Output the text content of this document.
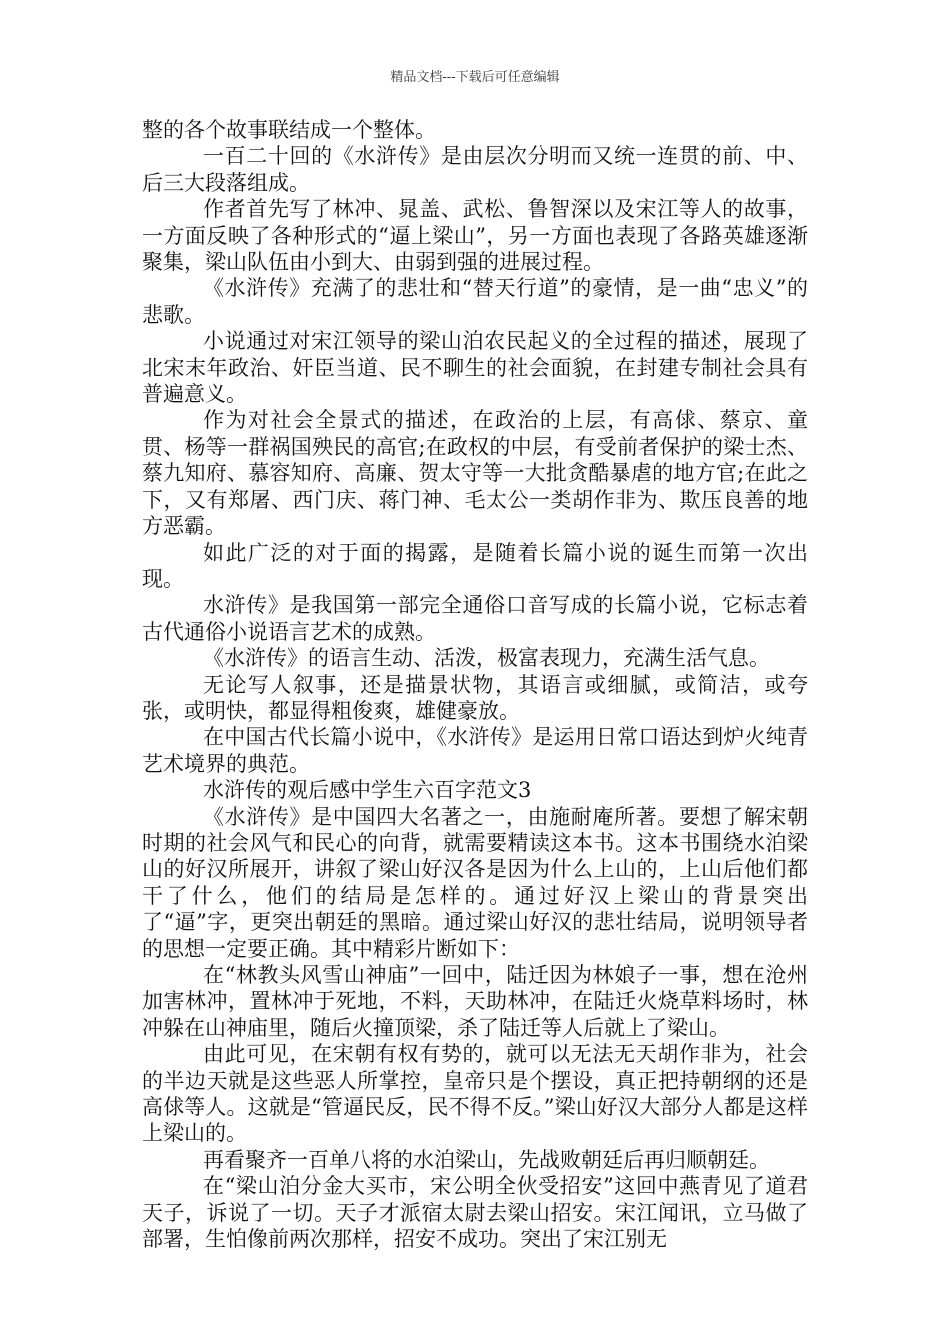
精品文档---下载后可任意编辑

整的各个故事联结成一个整体。

一百二十回的《水浒传》是由层次分明而又统一连贯的前、中、后三大段落组成。

作者首先写了林冲、晁盖、武松、鲁智深以及宋江等人的故事，一方面反映了各种形式的“逼上梁山”，另一方面也表现了各路英雄逐渐聚集，梁山队伍由小到大、由弱到强的进展过程。

《水浒传》充满了的悲壮和“替天行道”的豪情，是一曲“忠义”的悲歌。

小说通过对宋江领导的梁山泊农民起义的全过程的描述，展现了北宋末年政治、奸臣当道、民不聊生的社会面貌，在封建专制社会具有普遍意义。

作为对社会全景式的描述，在政治的上层，有高俅、蔡京、童贯、杨等一群祸国殃民的高官;在政权的中层，有受前者保护的梁士杰、蔡九知府、慕容知府、高廉、贺太守等一大批贪酷暴虐的地方官;在此之下，又有郑屠、西门庆、蒋门神、毛太公一类胡作非为、欺压良善的地方恶霸。

如此广泛的对于面的揭露，是随着长篇小说的诞生而第一次出现。

水浒传》是我国第一部完全通俗口音写成的长篇小说，它标志着古代通俗小说语言艺术的成熟。

《水浒传》的语言生动、活泼，极富表现力，充满生活气息。

无论写人叙事，还是描景状物，其语言或细腻，或简洁，或夸张，或明快，都显得粗俊爽，雄健豪放。

在中国古代长篇小说中，《水浒传》是运用日常口语达到炉火纯青艺术境界的典范。

水浒传的观后感中学生六百字范文3

《水浒传》是中国四大名著之一，由施耐庵所著。要想了解宋朝时期的社会风气和民心的向背，就需要精读这本书。这本书围绕水泊梁山的好汉所展开，讲叙了梁山好汉各是因为什么上山的，上山后他们都干了什么，他们的结局是怎样的。通过好汉上梁山的背景突出了“逼”字，更突出朝廷的黑暗。通过梁山好汉的悲壮结局，说明领导者的思想一定要正确。其中精彩片断如下：

在“林教头风雪山神庙”一回中，陆迁因为林娘子一事，想在沧州加害林冲，置林冲于死地，不料，天助林冲，在陆迁火烧草料场时，林冲躲在山神庙里，随后火撞顶梁，杀了陆迁等人后就上了梁山。

由此可见，在宋朝有权有势的，就可以无法无天胡作非为，社会的半边天就是这些恶人所掌控，皇帝只是个摆设，真正把持朝纲的还是高俅等人。这就是“管逼民反，民不得不反。”梁山好汉大部分人都是这样上梁山的。

再看聚齐一百单八将的水泊梁山，先战败朝廷后再归顺朝廷。

在“梁山泊分金大买市，宋公明全伙受招安”这回中燕青见了道君天子，诉说了一切。天子才派宿太尉去梁山招安。宋江闻讯，立马做了部署，生怕像前两次那样，招安不成功。突出了宋江别无
